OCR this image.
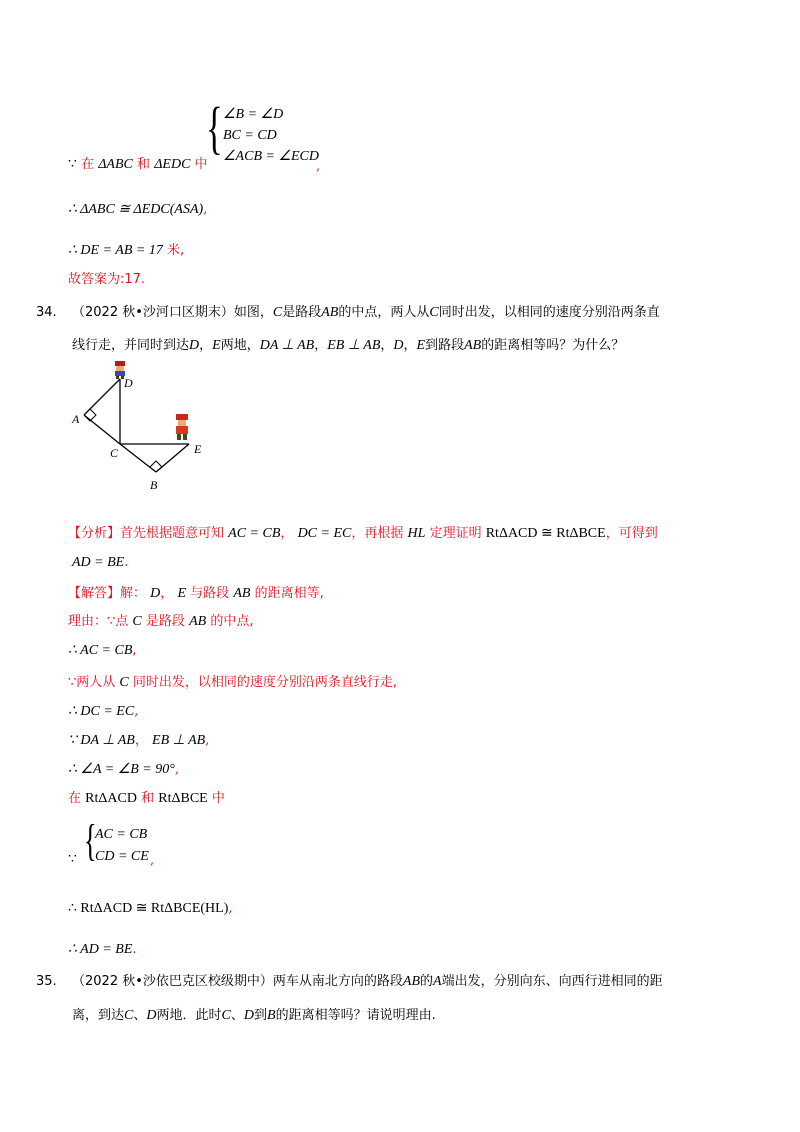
{ ∠B = ∠D
BC = CD
∠ACB = ∠ECD
∵ 在 ΔABC 和 ΔEDC 中	,
∴ ΔABC ≅ ΔEDC(ASA),
∴ DE = AB = 17 米,
故答案为:17.
34. （2022 秋•沙河口区期末）如图，C是路段AB的中点，两人从C同时出发，以相同的速度分别沿两条直
线行走，并同时到达D，E两地，DA ⊥ AB，EB ⊥ AB，D，E到路段AB的距离相等吗？为什么？
D
A
C	E
B
【分析】首先根据题意可知 AC = CB， DC = EC，再根据 HL 定理证明 RtΔACD ≅ RtΔBCE，可得到
AD = BE.
【解答】解： D， E 与路段 AB 的距离相等,
理由：∵点 C 是路段 AB 的中点,
∴ AC = CB,
∵两人从 C 同时出发，以相同的速度分别沿两条直线行走,
∴ DC = EC,
∵ DA ⊥ AB， EB ⊥ AB,
∴ ∠A = ∠B = 90°,
在 RtΔACD 和 RtΔBCE 中
{
AC = CB
CD = CE
∵	,
∴ RtΔACD ≅ RtΔBCE(HL),
∴ AD = BE.
35. （2022 秋•沙依巴克区校级期中）两车从南北方向的路段AB的A端出发，分别向东、向西行进相同的距
离，到达C、D两地．此时C、D到B的距离相等吗？请说明理由.
